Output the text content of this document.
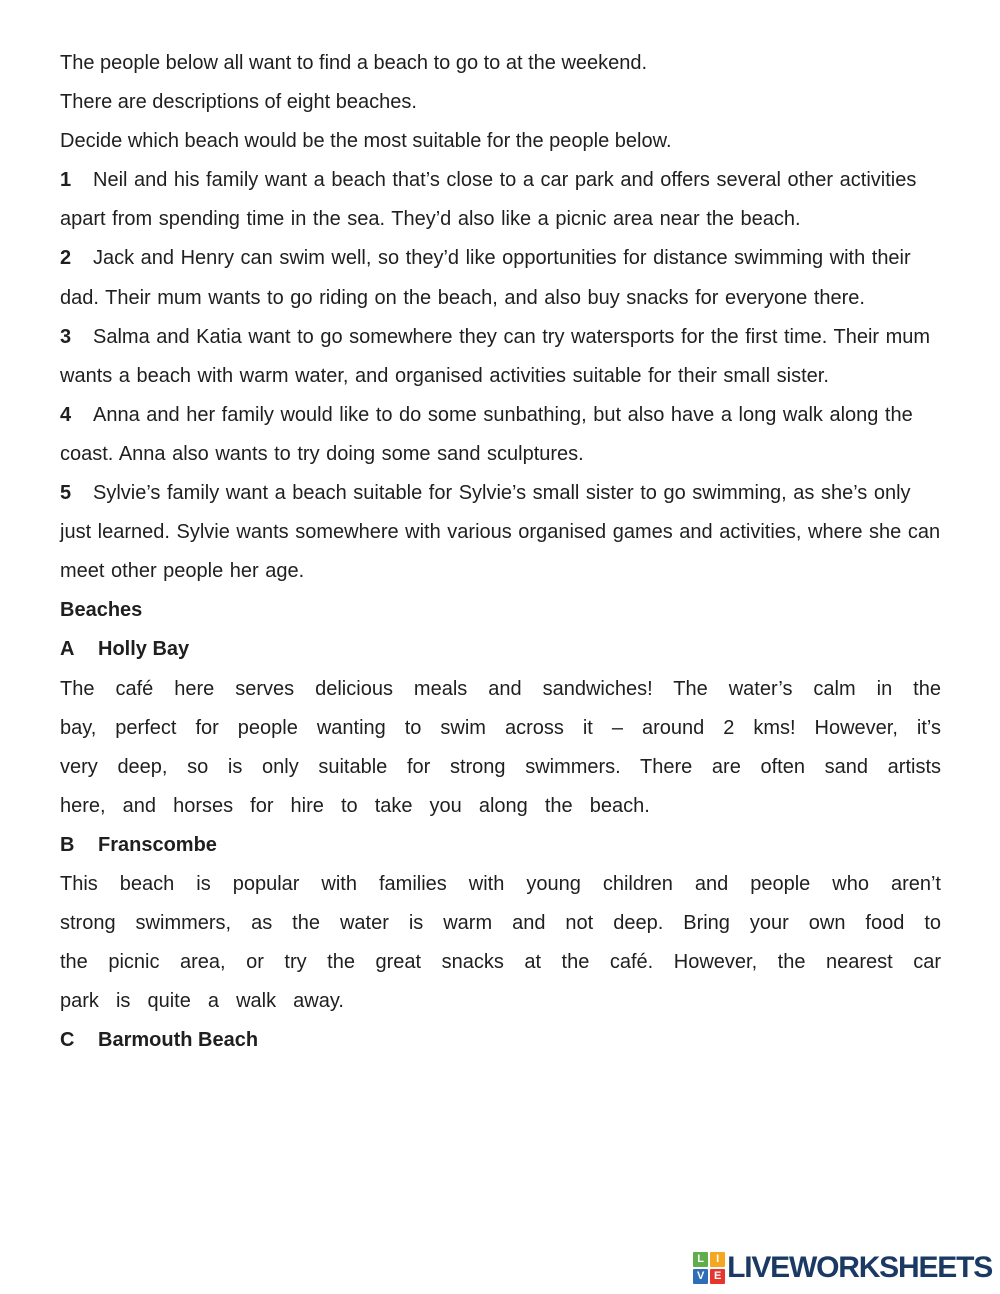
The people below all want to find a beach to go to at the weekend.

There are descriptions of eight beaches.

Decide which beach would be the most suitable for the people below.

1 Neil and his family want a beach that’s close to a car park and offers several other activities apart from spending time in the sea. They’d also like a picnic area near the beach.

2 Jack and Henry can swim well, so they’d like opportunities for distance swimming with their dad. Their mum wants to go riding on the beach, and also buy snacks for everyone there.

3 Salma and Katia want to go somewhere they can try watersports for the first time. Their mum wants a beach with warm water, and organised activities suitable for their small sister.

4 Anna and her family would like to do some sunbathing, but also have a long walk along the coast. Anna also wants to try doing some sand sculptures.

5 Sylvie’s family want a beach suitable for Sylvie’s small sister to go swimming, as she’s only just learned. Sylvie wants somewhere with various organised games and activities, where she can meet other people her age.

Beaches

A Holly Bay

The café here serves delicious meals and sandwiches! The water’s calm in the bay, perfect for people wanting to swim across it – around 2 kms! However, it’s very deep, so is only suitable for strong swimmers. There are often sand artists here, and horses for hire to take you along the beach.

B Franscombe

This beach is popular with families with young children and people who aren’t strong swimmers, as the water is warm and not deep. Bring your own food to the picnic area, or try the great snacks at the café. However, the nearest car park is quite a walk away.

C Barmouth Beach

L	I
V E LIVEWORKSHEETS
